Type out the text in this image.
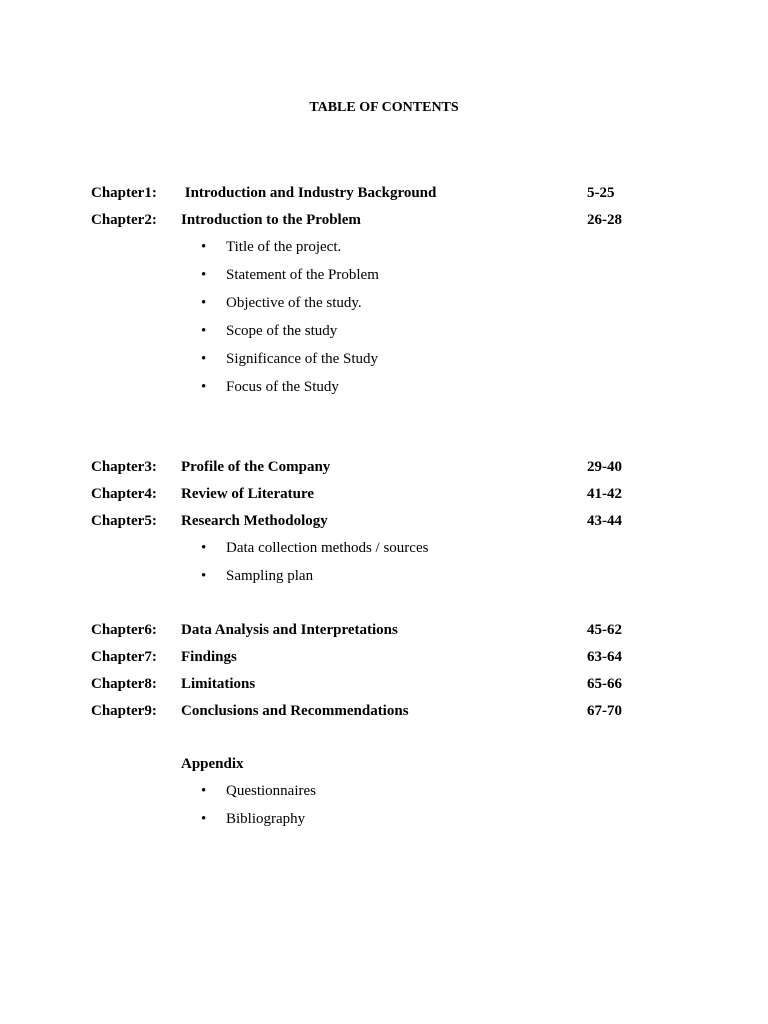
TABLE OF CONTENTS
Chapter1: Introduction and Industry Background	5-25
Chapter2: Introduction to the Problem	26-28
• Title of the project.
• Statement of the Problem
• Objective of the study.
• Scope of the study
• Significance of the Study
• Focus of the Study
Chapter3: Profile of the Company	29-40
Chapter4: Review of Literature	41-42
Chapter5: Research Methodology	43-44
• Data collection methods / sources
• Sampling plan
Chapter6: Data Analysis and Interpretations	45-62
Chapter7: Findings	63-64
Chapter8: Limitations	65-66
Chapter9: Conclusions and Recommendations	67-70
Appendix
• Questionnaires
• Bibliography
